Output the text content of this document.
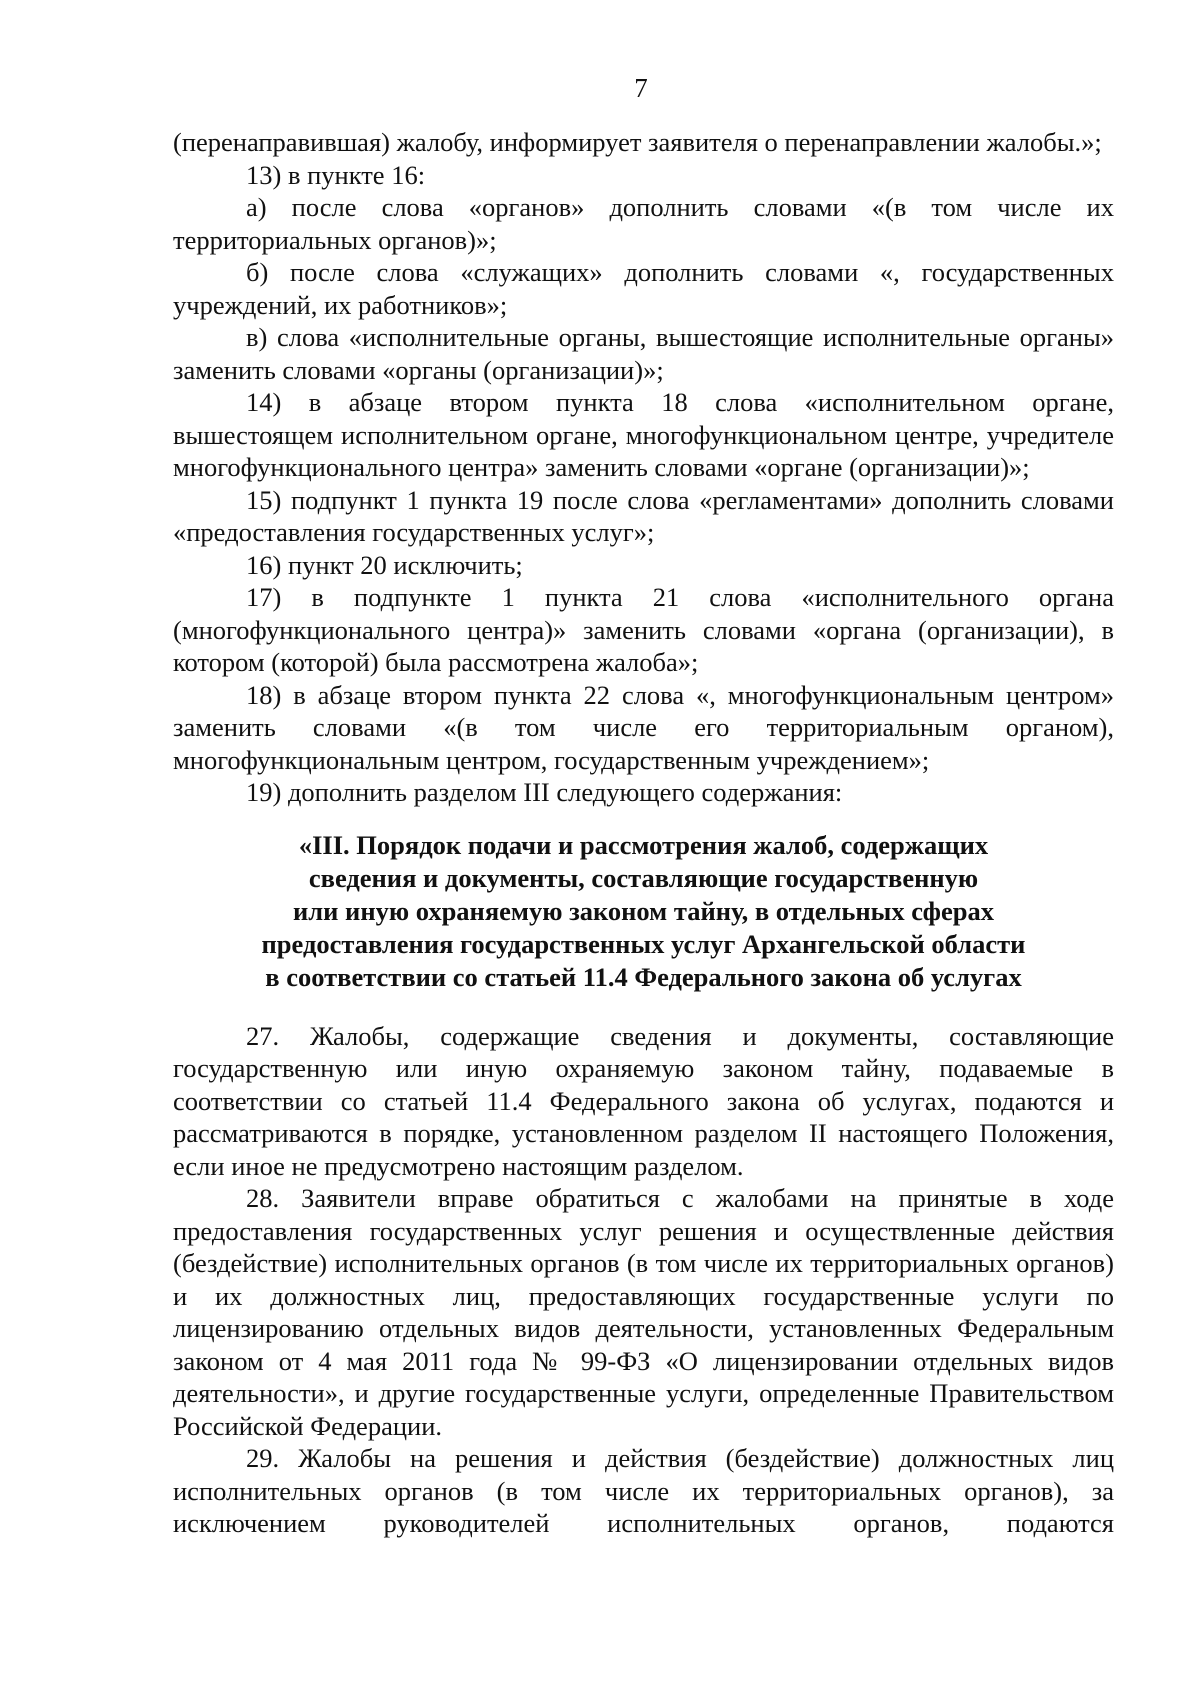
7

(перенаправившая) жалобу, информирует заявителя о перенаправлении жалобы.»;

13) в пункте 16:

а) после слова «органов» дополнить словами «(в том числе их территориальных органов)»;

б) после слова «служащих» дополнить словами «, государственных учреждений, их работников»;

в) слова «исполнительные органы, вышестоящие исполнительные органы» заменить словами «органы (организации)»;

14) в абзаце втором пункта 18 слова «исполнительном органе, вышестоящем исполнительном органе, многофункциональном центре, учредителе многофункционального центра» заменить словами «органе (организации)»;

15) подпункт 1 пункта 19 после слова «регламентами» дополнить словами «предоставления государственных услуг»;

16) пункт 20 исключить;

17) в подпункте 1 пункта 21 слова «исполнительного органа (многофункционального центра)» заменить словами «органа (организации), в котором (которой) была рассмотрена жалоба»;

18) в абзаце втором пункта 22 слова «, многофункциональным центром» заменить словами «(в том числе его территориальным органом), многофункциональным центром, государственным учреждением»;

19) дополнить разделом III следующего содержания:

«III. Порядок подачи и рассмотрения жалоб, содержащих
сведения и документы, составляющие государственную
или иную охраняемую законом тайну, в отдельных сферах
предоставления государственных услуг Архангельской области
в соответствии со статьей 11.4 Федерального закона об услугах

27. Жалобы, содержащие сведения и документы, составляющие государственную или иную охраняемую законом тайну, подаваемые в соответствии со статьей 11.4 Федерального закона об услугах, подаются и рассматриваются в порядке, установленном разделом II настоящего Положения, если иное не предусмотрено настоящим разделом.

28. Заявители вправе обратиться с жалобами на принятые в ходе предоставления государственных услуг решения и осуществленные действия (бездействие) исполнительных органов (в том числе их территориальных органов) и их должностных лиц, предоставляющих государственные услуги по лицензированию отдельных видов деятельности, установленных Федеральным законом от 4 мая 2011 года № 99-ФЗ «О лицензировании отдельных видов деятельности», и другие государственные услуги, определенные Правительством Российской Федерации.

29. Жалобы на решения и действия (бездействие) должностных лиц исполнительных органов (в том числе их территориальных органов), за исключением руководителей исполнительных органов, подаются
